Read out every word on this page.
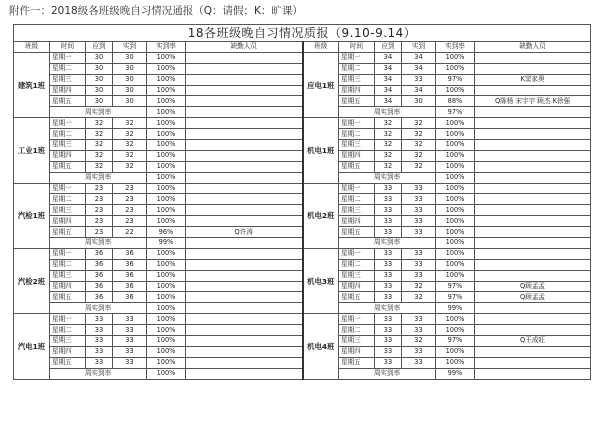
附件一：2018级各班级晚自习情况通报（Q：请假；K：旷课）
18各班级晚自习情况质报（9.10-9.14）											
班级	时间	应到	实到	实到率	缺勤人员	班级	时间	应到	实到	实到率	缺勤人员
建筑1班	星期一	30	30	100%		应电1班	星期一	34	34	100%	
	星期二	30	30	100%			星期二	34	34	100%	
	星期三	30	30	100%			星期三	34	33	97%	K窦家奥
	星期四	30	30	100%			星期四	34	34	100%	
	星期五	30	30	100%			星期五	34	30	88%	Q陈杨 宋宇宇 顾杰 K徐强
	周实到率			100%			周实到率			97%	
工业1班	星期一	32	32	100%		机电1班	星期一	32	32	100%	
	星期二	32	32	100%			星期二	32	32	100%	
	星期三	32	32	100%			星期三	32	32	100%	
	星期四	32	32	100%			星期四	32	32	100%	
	星期五	32	32	100%			星期五	32	32	100%	
	周实到率			100%			周实到率			100%	
汽检1班	星期一	23	23	100%		机电2班	星期一	33	33	100%	
	星期二	23	23	100%			星期二	33	33	100%	
	星期三	23	23	100%			星期三	33	33	100%	
	星期四	23	23	100%			星期四	33	33	100%	
	星期五	23	22	96%	Q许涛		星期五	33	33	100%	
	周实到率			99%			周实到率			100%	
汽检2班	星期一	36	36	100%		机电3班	星期一	33	33	100%	
	星期二	36	36	100%			星期二	33	33	100%	
	星期三	36	36	100%			星期三	33	33	100%	
	星期四	36	36	100%			星期四	33	32	97%	Q顾孟孟
	星期五	36	36	100%			星期五	33	32	97%	Q顾孟孟
	周实到率			100%			周实到率			99%	
汽电1班	星期一	33	33	100%		机电4班	星期一	33	33	100%	
	星期二	33	33	100%			星期二	33	33	100%	
	星期三	33	33	100%			星期三	33	32	97%	Q王成旺
	星期四	33	33	100%			星期四	33	33	100%	
	星期五	33	33	100%			星期五	33	33	100%	
	周实到率			100%			周实到率			99%	
